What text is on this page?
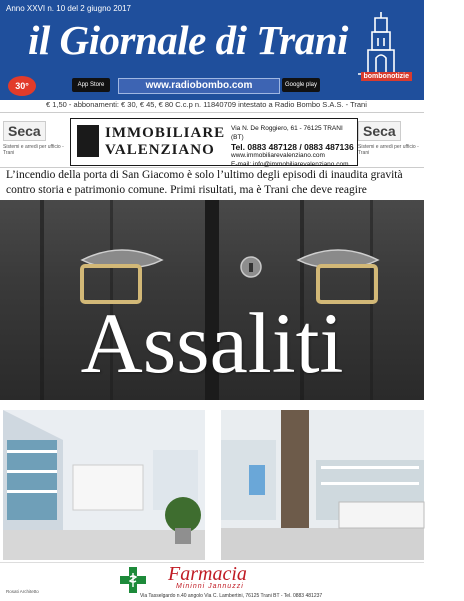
Anno XXVI n. 10 del 2 giugno 2017
il Giornale di Trani
30° ANNO
App Store	www.radiobombo.com	Google play
bombonotizie
€ 1,50 - abbonamenti: € 30, € 45, € 80 C.c.p n. 11840709 intestato a Radio Bombo S.A.S. - Trani
Seca
Sistemi e arredi per ufficio - Trani
IMMOBILIARE
VALENZIANO
Via N. De Roggiero, 61 - 76125 TRANI (BT)
Tel. 0883 487128 / 0883 487136
www.immobiliarevalenziano.com
E-mail: info@immobiliarevalenziano.com
Seca
Sistemi e arredi per ufficio - Trani
L’incendio della porta di San Giacomo è solo l’ultimo degli episodi di inaudita gravità contro storia e patrimonio comune. Primi risultati, ma è Trani che deve reagire
Assaliti
Rosati Architetto
Farmacia
Mininni Jannuzzi
Via Tasselgardo n.40 angolo Via C. Lambertini, 76125 Trani BT - Tel. 0883 481237
